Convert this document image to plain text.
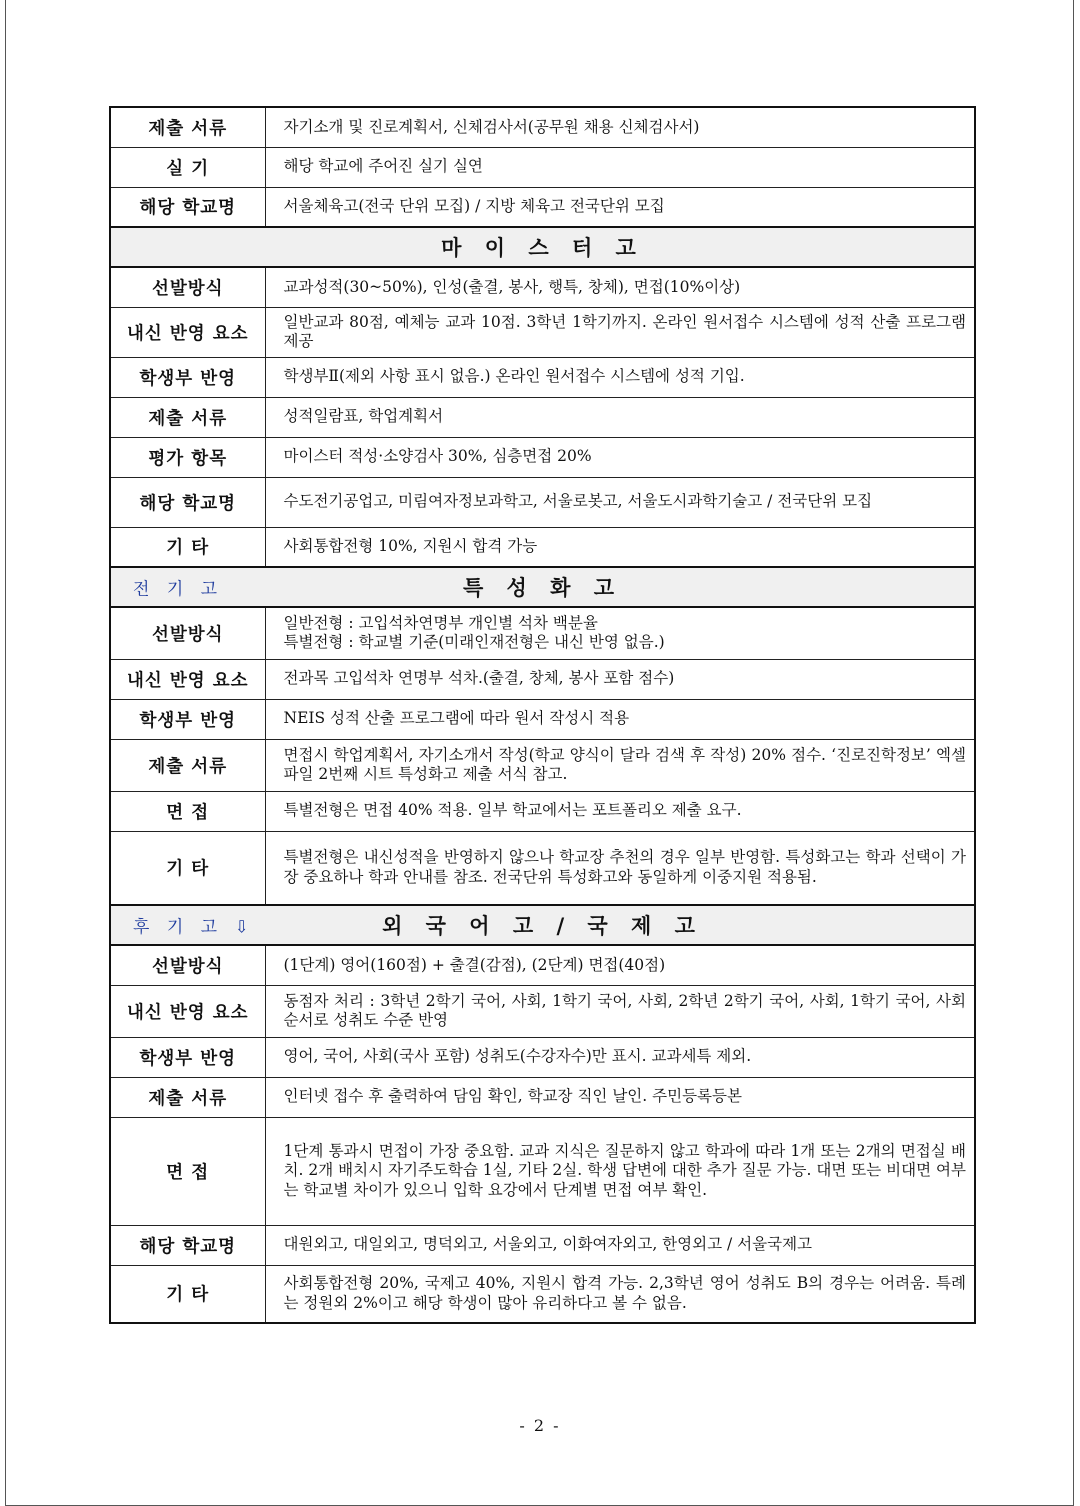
제출 서류	자기소개 및 진로계획서, 신체검사서(공무원 채용 신체검사서)
실 기	해당 학교에 주어진 실기 실연
해당 학교명	서울체육고(전국 단위 모집) / 지방 체육고 전국단위 모집
마 이 스 터 고	
선발방식	교과성적(30~50%), 인성(출결, 봉사, 행특, 창체), 면접(10%이상)
내신 반영 요소	일반교과 80점, 예체능 교과 10점. 3학년 1학기까지. 온라인 원서접수 시스템에 성적 산출 프로그램 제공
학생부 반영	학생부Ⅱ(제외 사항 표시 없음.) 온라인 원서접수 시스템에 성적 기입.
제출 서류	성적일람표, 학업계획서
평가 항목	마이스터 적성·소양검사 30%, 심층면접 20%
해당 학교명	수도전기공업고, 미림여자정보과학고, 서울로봇고, 서울도시과학기술고 / 전국단위 모집
기 타	사회통합전형 10%, 지원시 합격 가능

전 기 고 특 성 화 고	
선발방식	일반전형 : 고입석차연명부 개인별 석차 백분율
특별전형 : 학교별 기준(미래인재전형은 내신 반영 없음.)
내신 반영 요소	전과목 고입석차 연명부 석차.(출결, 창체, 봉사 포함 점수)
학생부 반영	NEIS 성적 산출 프로그램에 따라 원서 작성시 적용
제출 서류	면접시 학업계획서, 자기소개서 작성(학교 양식이 달라 검색 후 작성) 20% 점수. ‘진로진학정보’ 엑셀 파일 2번째 시트 특성화고 제출 서식 참고.
면 접	특별전형은 면접 40% 적용. 일부 학교에서는 포트폴리오 제출 요구.
기 타	특별전형은 내신성적을 반영하지 않으나 학교장 추천의 경우 일부 반영함. 특성화고는 학과 선택이 가장 중요하나 학과 안내를 참조. 전국단위 특성화고와 동일하게 이중지원 적용됨.

후 기 고 ⇩ 외 국 어 고 / 국 제 고	
선발방식	(1단계) 영어(160점) + 출결(감점), (2단계) 면접(40점)
내신 반영 요소	동점자 처리 : 3학년 2학기 국어, 사회, 1학기 국어, 사회, 2학년 2학기 국어, 사회, 1학기 국어, 사회 순서로 성취도 수준 반영
학생부 반영	영어, 국어, 사회(국사 포함) 성취도(수강자수)만 표시. 교과세특 제외.
제출 서류	인터넷 접수 후 출력하여 담임 확인, 학교장 직인 날인. 주민등록등본
면 접	1단계 통과시 면접이 가장 중요함. 교과 지식은 질문하지 않고 학과에 따라 1개 또는 2개의 면접실 배치. 2개 배치시 자기주도학습 1실, 기타 2실. 학생 답변에 대한 추가 질문 가능. 대면 또는 비대면 여부는 학교별 차이가 있으니 입학 요강에서 단계별 면접 여부 확인.
해당 학교명	대원외고, 대일외고, 명덕외고, 서울외고, 이화여자외고, 한영외고 / 서울국제고
기 타	사회통합전형 20%, 국제고 40%, 지원시 합격 가능. 2,3학년 영어 성취도 B의 경우는 어려움. 특례는 정원외 2%이고 해당 학생이 많아 유리하다고 볼 수 없음.
- 2 -
